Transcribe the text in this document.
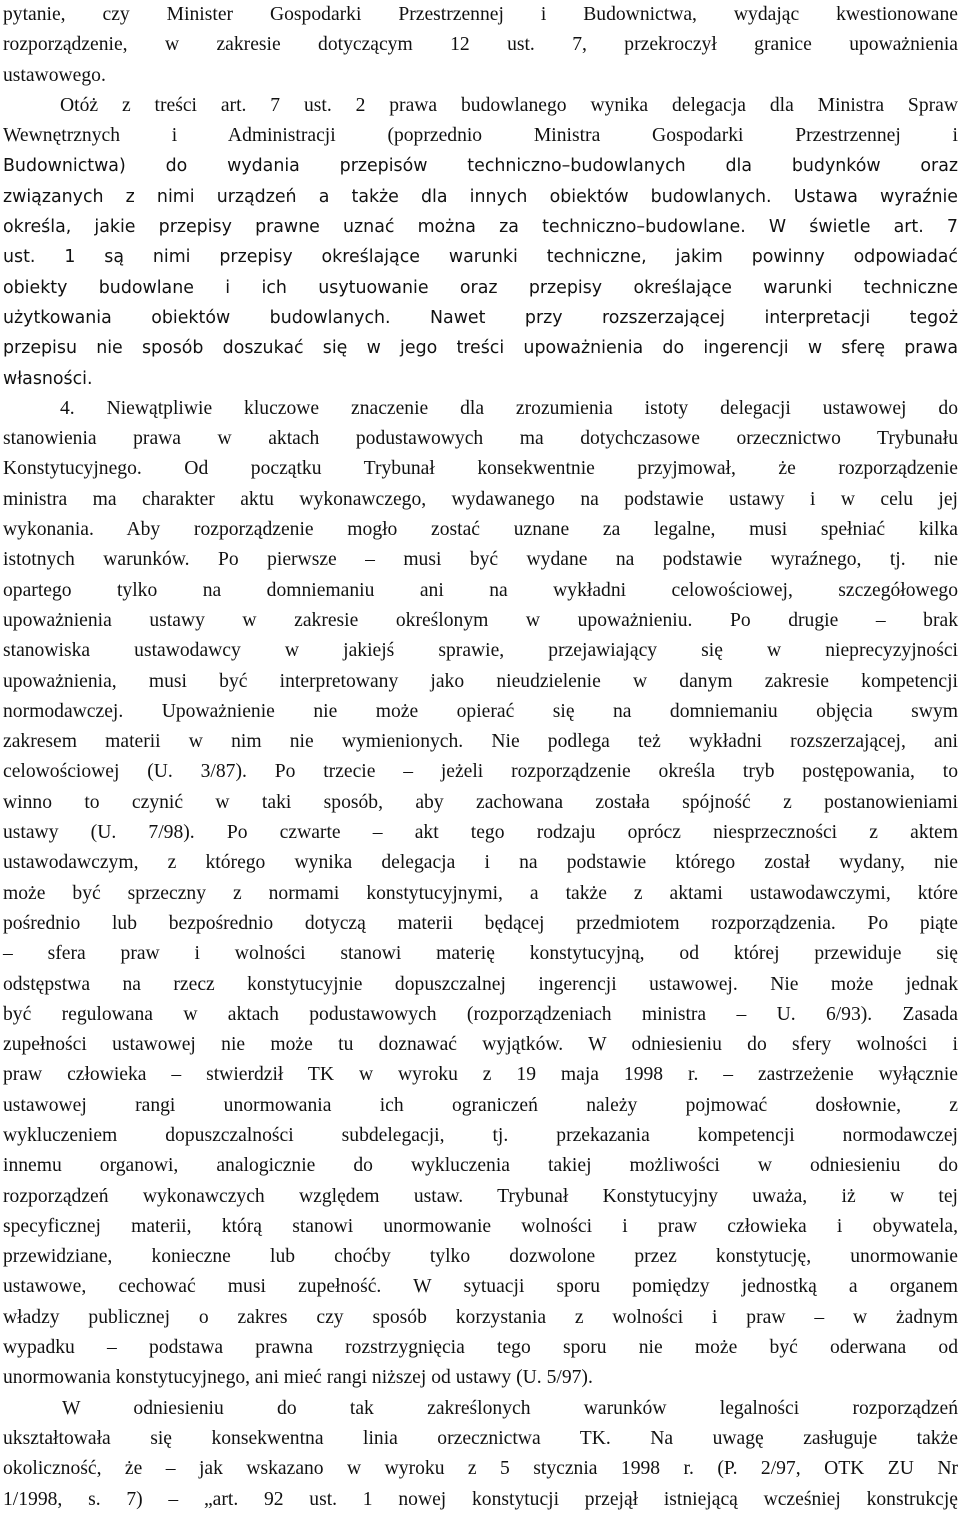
pytanie, czy Minister Gospodarki Przestrzennej i Budownictwa, wydając kwestionowane
rozporządzenie, w zakresie dotyczącym 12 ust. 7, przekroczył granice upoważnienia
ustawowego.
Otóż z treści art. 7 ust. 2 prawa budowlanego wynika delegacja dla Ministra Spraw
Wewnętrznych i Administracji (poprzednio Ministra Gospodarki Przestrzennej i
Budownictwa) do wydania przepisów techniczno–budowlanych dla budynków oraz
związanych z nimi urządzeń a także dla innych obiektów budowlanych. Ustawa wyraźnie
określa, jakie przepisy prawne uznać można za techniczno–budowlane. W świetle art. 7
ust. 1 są nimi przepisy określające warunki techniczne, jakim powinny odpowiadać
obiekty budowlane i ich usytuowanie oraz przepisy określające warunki techniczne
użytkowania obiektów budowlanych. Nawet przy rozszerzającej interpretacji tegoż
przepisu nie sposób doszukać się w jego treści upoważnienia do ingerencji w sferę prawa
własności.
4. Niewątpliwie kluczowe znaczenie dla zrozumienia istoty delegacji ustawowej do
stanowienia prawa w aktach podustawowych ma dotychczasowe orzecznictwo Trybunału
Konstytucyjnego. Od początku Trybunał konsekwentnie przyjmował, że rozporządzenie
ministra ma charakter aktu wykonawczego, wydawanego na podstawie ustawy i w celu jej
wykonania. Aby rozporządzenie mogło zostać uznane za legalne, musi spełniać kilka
istotnych warunków. Po pierwsze – musi być wydane na podstawie wyraźnego, tj. nie
opartego tylko na domniemaniu ani na wykładni celowościowej, szczegółowego
upoważnienia ustawy w zakresie określonym w upoważnieniu. Po drugie – brak
stanowiska ustawodawcy w jakiejś sprawie, przejawiający się w nieprecyzyjności
upoważnienia, musi być interpretowany jako nieudzielenie w danym zakresie kompetencji
normodawczej. Upoważnienie nie może opierać się na domniemaniu objęcia swym
zakresem materii w nim nie wymienionych. Nie podlega też wykładni rozszerzającej, ani
celowościowej (U. 3/87). Po trzecie – jeżeli rozporządzenie określa tryb postępowania, to
winno to czynić w taki sposób, aby zachowana została spójność z postanowieniami
ustawy (U. 7/98). Po czwarte – akt tego rodzaju oprócz niesprzeczności z aktem
ustawodawczym, z którego wynika delegacja i na podstawie którego został wydany, nie
może być sprzeczny z normami konstytucyjnymi, a także z aktami ustawodawczymi, które
pośrednio lub bezpośrednio dotyczą materii będącej przedmiotem rozporządzenia. Po piąte
– sfera praw i wolności stanowi materię konstytucyjną, od której przewiduje się
odstępstwa na rzecz konstytucyjnie dopuszczalnej ingerencji ustawowej. Nie może jednak
być regulowana w aktach podustawowych (rozporządzeniach ministra – U. 6/93). Zasada
zupełności ustawowej nie może tu doznawać wyjątków. W odniesieniu do sfery wolności i
praw człowieka – stwierdził TK w wyroku z 19 maja 1998 r. – zastrzeżenie wyłącznie
ustawowej rangi unormowania ich ograniczeń należy pojmować dosłownie, z
wykluczeniem dopuszczalności subdelegacji, tj. przekazania kompetencji normodawczej
innemu organowi, analogicznie do wykluczenia takiej możliwości w odniesieniu do
rozporządzeń wykonawczych względem ustaw. Trybunał Konstytucyjny uważa, iż w tej
specyficznej materii, którą stanowi unormowanie wolności i praw człowieka i obywatela,
przewidziane, konieczne lub choćby tylko dozwolone przez konstytucję, unormowanie
ustawowe, cechować musi zupełność. W sytuacji sporu pomiędzy jednostką a organem
władzy publicznej o zakres czy sposób korzystania z wolności i praw – w żadnym
wypadku – podstawa prawna rozstrzygnięcia tego sporu nie może być oderwana od
unormowania konstytucyjnego, ani mieć rangi niższej od ustawy (U. 5/97).
W odniesieniu do tak zakreślonych warunków legalności rozporządzeń
ukształtowała się konsekwentna linia orzecznictwa TK. Na uwagę zasługuje także
okoliczność, że – jak wskazano w wyroku z 5 stycznia 1998 r. (P. 2/97, OTK ZU Nr
1/1998, s. 7) – „art. 92 ust. 1 nowej konstytucji przejął istniejącą wcześniej konstrukcję
